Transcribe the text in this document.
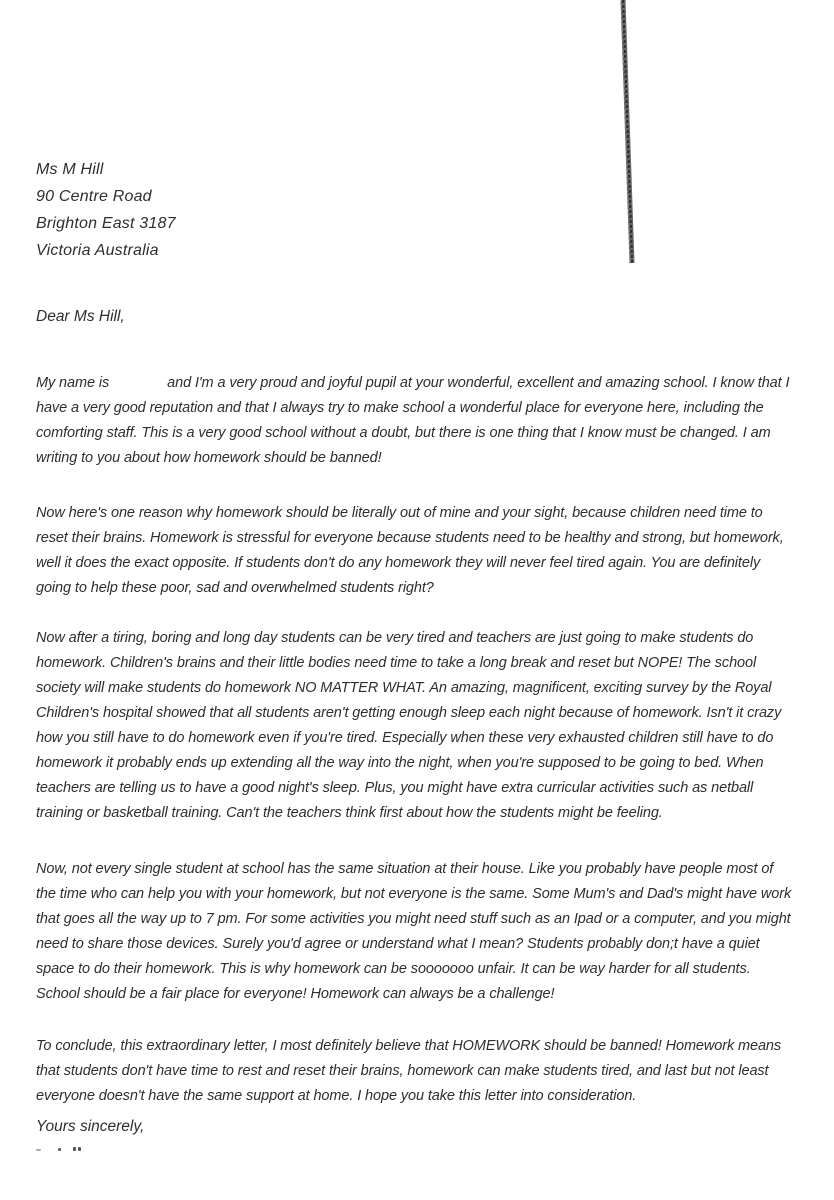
Ms M Hill
90 Centre Road
Brighton East 3187
Victoria Australia
Dear Ms Hill,

My name is	and I'm a very proud and joyful pupil at your wonderful, excellent and amazing school. I know that I have a very good reputation and that I always try to make school a wonderful place for everyone here, including the comforting staff. This is a very good school without a doubt, but there is one thing that I know must be changed. I am writing to you about how homework should be banned!

Now here's one reason why homework should be literally out of mine and your sight, because children need time to reset their brains. Homework is stressful for everyone because students need to be healthy and strong, but homework, well it does the exact opposite. If students don't do any homework they will never feel tired again. You are definitely going to help these poor, sad and overwhelmed students right?

Now after a tiring, boring and long day students can be very tired and teachers are just going to make students do homework. Children's brains and their little bodies need time to take a long break and reset but NOPE! The school society will make students do homework NO MATTER WHAT. An amazing, magnificent, exciting survey by the Royal Children's hospital showed that all students aren't getting enough sleep each night because of homework. Isn't it crazy how you still have to do homework even if you're tired. Especially when these very exhausted children still have to do homework it probably ends up extending all the way into the night, when you're supposed to be going to bed. When teachers are telling us to have a good night's sleep. Plus, you might have extra curricular activities such as netball training or basketball training. Can't the teachers think first about how the students might be feeling.

Now, not every single student at school has the same situation at their house. Like you probably have people most of the time who can help you with your homework, but not everyone is the same. Some Mum's and Dad's might have work that goes all the way up to 7 pm. For some activities you might need stuff such as an Ipad or a computer, and you might need to share those devices. Surely you'd agree or understand what I mean? Students probably don;t have a quiet space to do their homework. This is why homework can be sooooooo unfair. It can be way harder for all students. School should be a fair place for everyone! Homework can always be a challenge!

To conclude, this extraordinary letter, I most definitely believe that HOMEWORK should be banned! Homework means that students don't have time to rest and reset their brains, homework can make students tired, and last but not least everyone doesn't have the same support at home. I hope you take this letter into consideration.

Yours sincerely,
